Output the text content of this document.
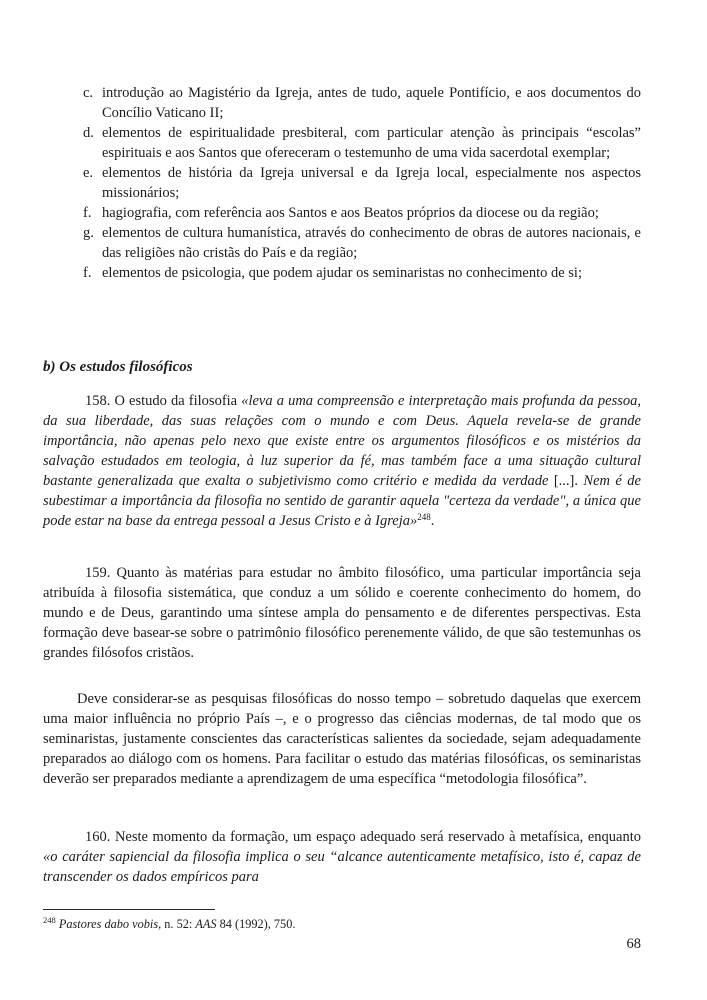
c. introdução ao Magistério da Igreja, antes de tudo, aquele Pontifício, e aos documentos do Concílio Vaticano II;
d. elementos de espiritualidade presbiteral, com particular atenção às principais “escolas” espirituais e aos Santos que ofereceram o testemunho de uma vida sacerdotal exemplar;
e. elementos de história da Igreja universal e da Igreja local, especialmente nos aspectos missionários;
f. hagiografia, com referência aos Santos e aos Beatos próprios da diocese ou da região;
g. elementos de cultura humanística, através do conhecimento de obras de autores nacionais, e das religiões não cristãs do País e da região;
f. elementos de psicologia, que podem ajudar os seminaristas no conhecimento de si;
b) Os estudos filosóficos

158. O estudo da filosofia «leva a uma compreensão e interpretação mais profunda da pessoa, da sua liberdade, das suas relações com o mundo e com Deus. Aquela revela-se de grande importância, não apenas pelo nexo que existe entre os argumentos filosóficos e os mistérios da salvação estudados em teologia, à luz superior da fé, mas também face a uma situação cultural bastante generalizada que exalta o subjetivismo como critério e medida da verdade [...]. Nem é de subestimar a importância da filosofia no sentido de garantir aquela "certeza da verdade", a única que pode estar na base da entrega pessoal a Jesus Cristo e à Igreja»$^{248}$.

159. Quanto às matérias para estudar no âmbito filosófico, uma particular importância seja atribuída à filosofia sistemática, que conduz a um sólido e coerente conhecimento do homem, do mundo e de Deus, garantindo uma síntese ampla do pensamento e de diferentes perspectivas. Esta formação deve basear-se sobre o patrimônio filosófico perenemente válido, de que são testemunhas os grandes filósofos cristãos.

Deve considerar-se as pesquisas filosóficas do nosso tempo – sobretudo daquelas que exercem uma maior influência no próprio País –, e o progresso das ciências modernas, de tal modo que os seminaristas, justamente conscientes das características salientes da sociedade, sejam adequadamente preparados ao diálogo com os homens. Para facilitar o estudo das matérias filosóficas, os seminaristas deverão ser preparados mediante a aprendizagem de uma específica “metodologia filosófica”.

160. Neste momento da formação, um espaço adequado será reservado à metafísica, enquanto «o caráter sapiencial da filosofia implica o seu “alcance autenticamente metafísico, isto é, capaz de transcender os dados empíricos para

$^{248}$ Pastores dabo vobis, n. 52: AAS 84 (1992), 750.

68
